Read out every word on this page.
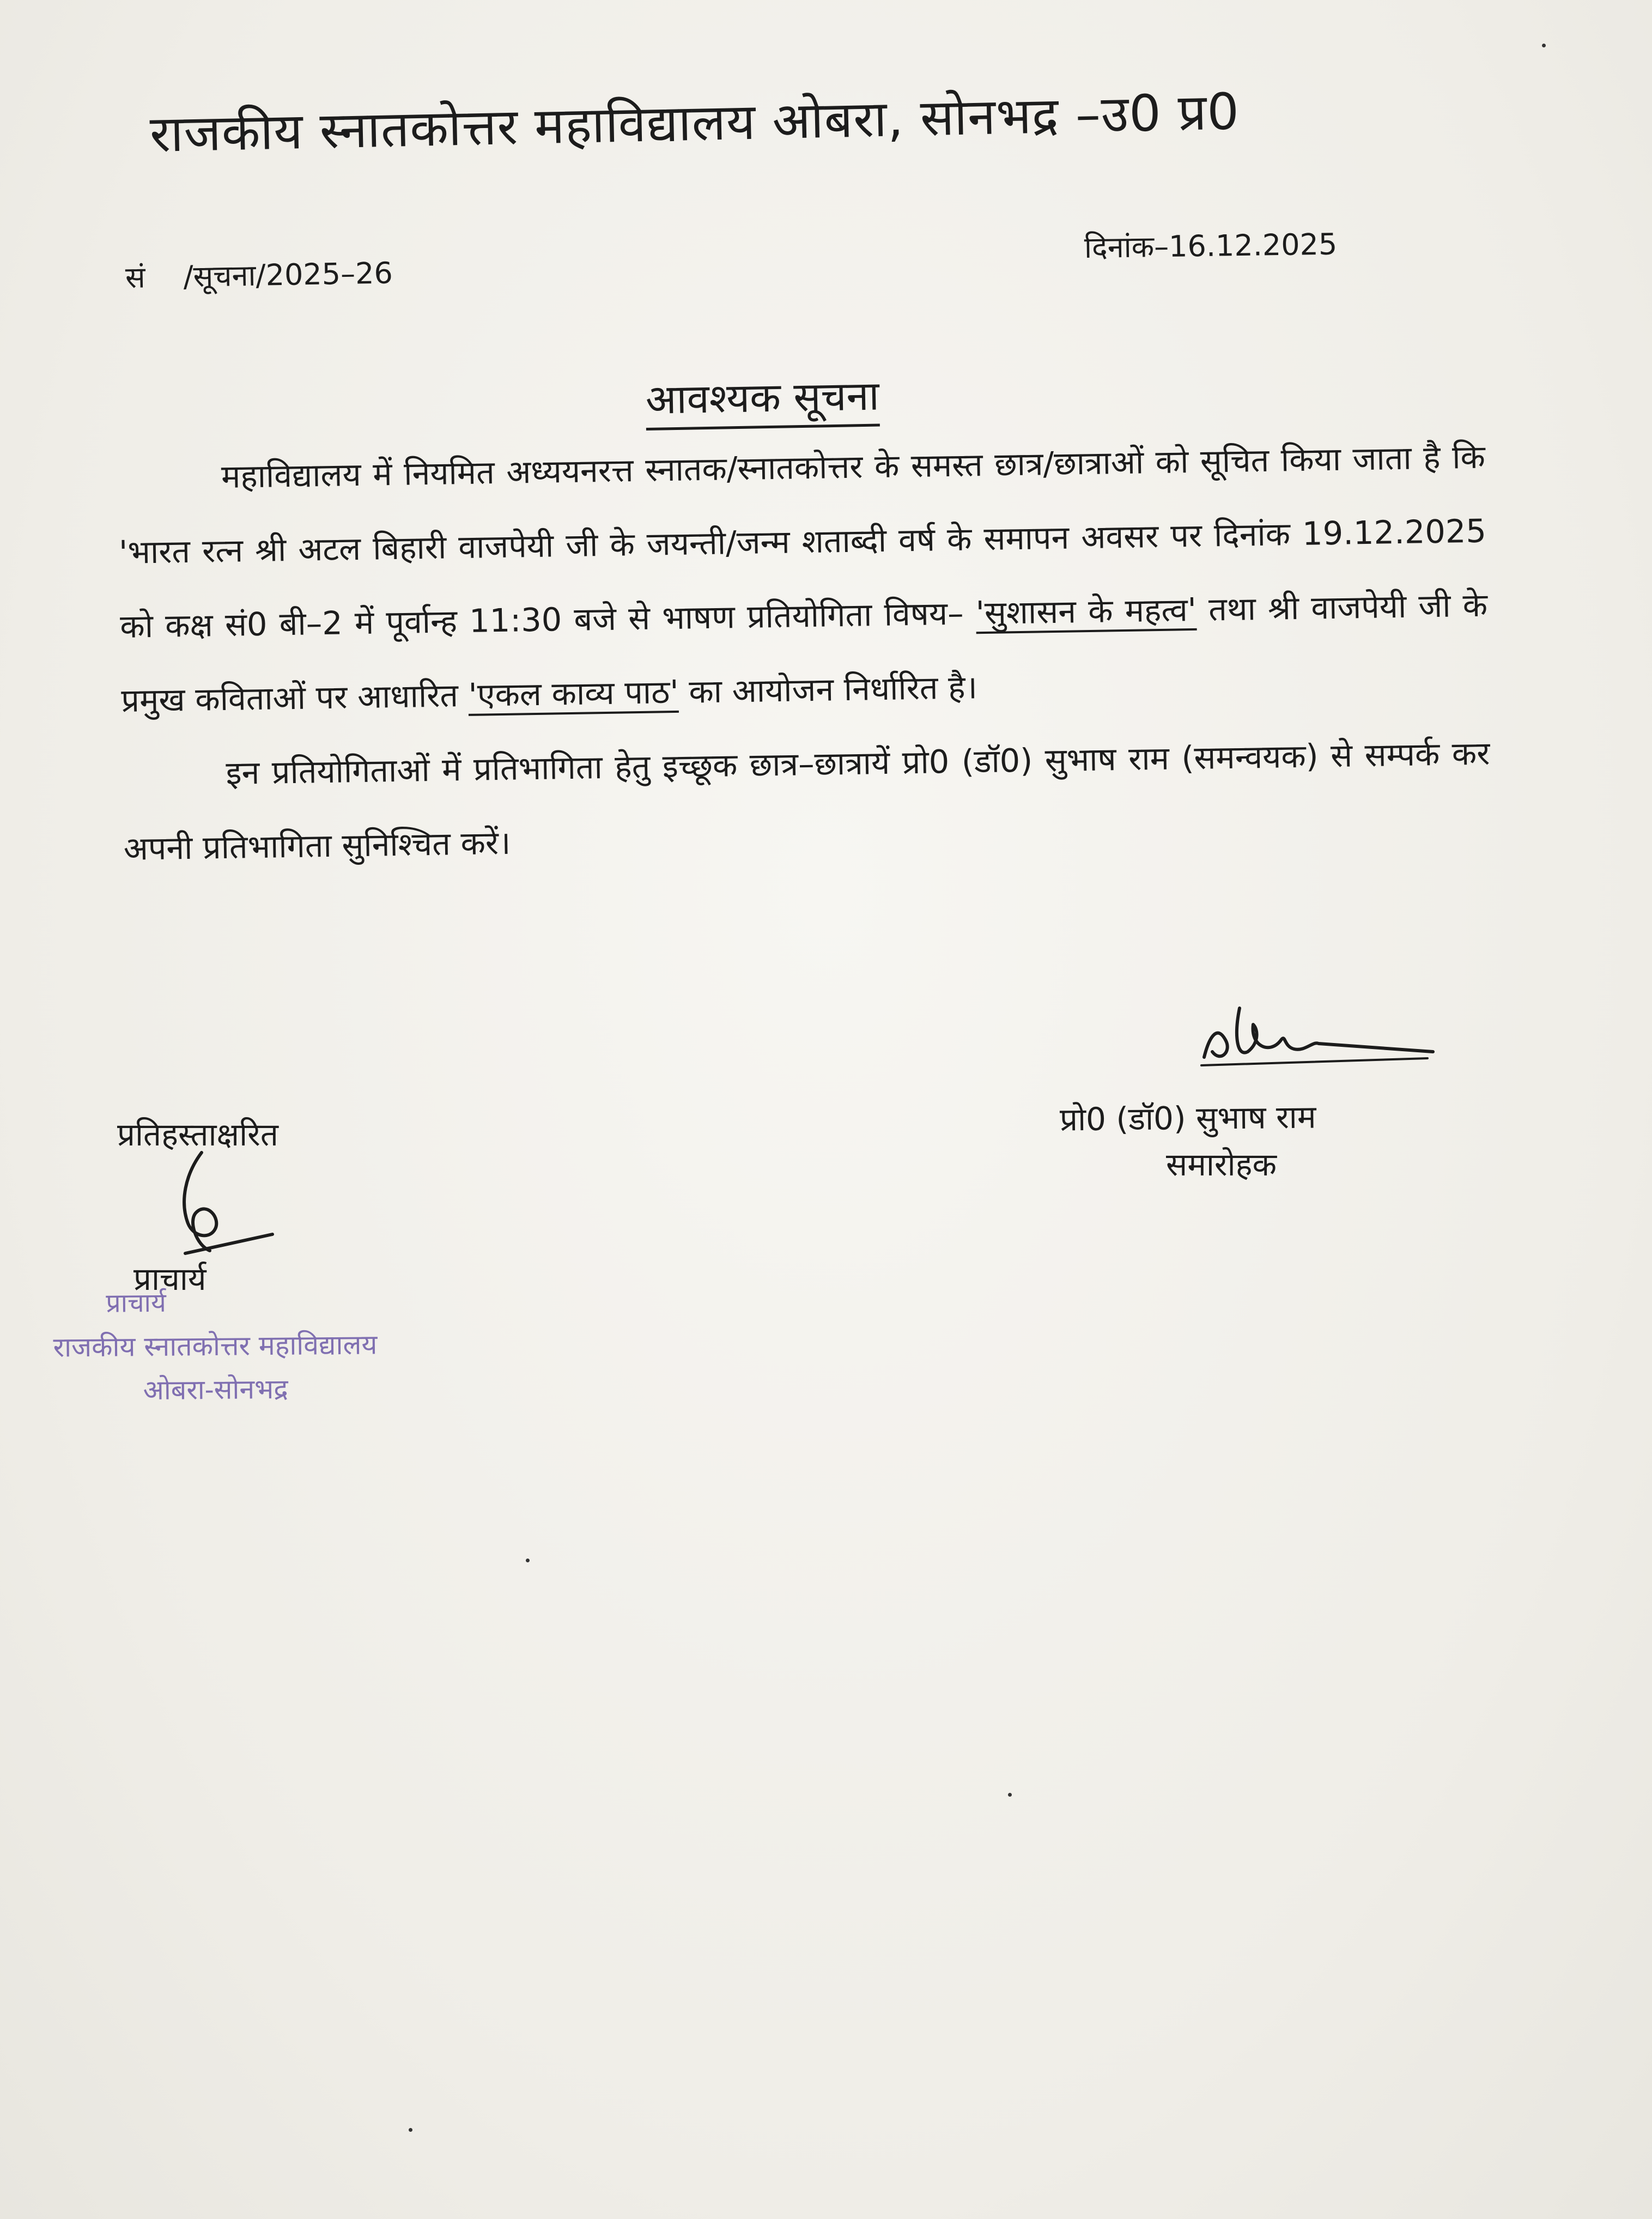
राजकीय स्नातकोत्तर महाविद्यालय ओबरा, सोनभद्र –उ0 प्र0
सं /सूचना/2025–26
दिनांक–16.12.2025
आवश्यक सूचना

महाविद्यालय में नियमित अध्ययनरत्त स्नातक/स्नातकोत्तर के समस्त छात्र/छात्राओं को सूचित किया जाता है कि 'भारत रत्न श्री अटल बिहारी वाजपेयी जी के जयन्ती/जन्म शताब्दी वर्ष के समापन अवसर पर दिनांक 19.12.2025 को कक्ष सं0 बी–2 में पूर्वान्ह 11:30 बजे से भाषण प्रतियोगिता विषय– 'सुशासन के महत्व' तथा श्री वाजपेयी जी के प्रमुख कविताओं पर आधारित 'एकल काव्य पाठ' का आयोजन निर्धारित है।

इन प्रतियोगिताओं में प्रतिभागिता हेतु इच्छूक छात्र–छात्रायें प्रो0 (डॉ0) सुभाष राम (समन्वयक) से सम्पर्क कर अपनी प्रतिभागिता सुनिश्चित करें।

प्रो0 (डॉ0) सुभाष राम
समारोहक
प्रतिहस्ताक्षरित
प्राचार्य
प्राचार्य
राजकीय स्नातकोत्तर महाविद्यालय
ओबरा-सोनभद्र
